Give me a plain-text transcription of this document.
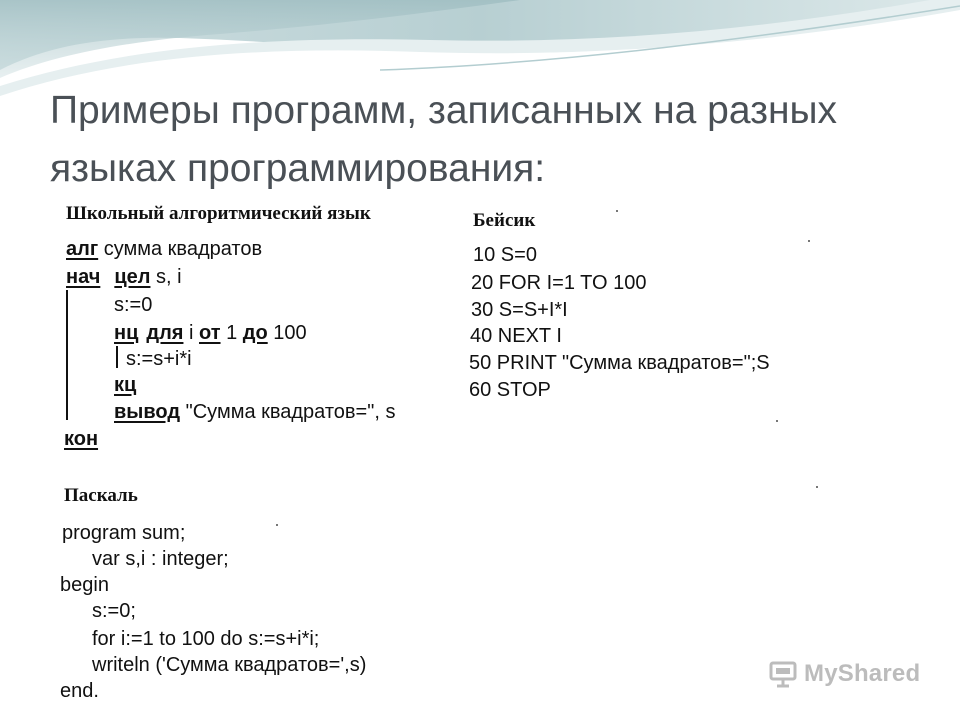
Примеры программ, записанных на разных языках программирования:
Школьный алгоритмический язык
алг сумма квадратов
нач цел s, i
s:=0
нц для i от 1 до 100
s:=s+i*i
кц
вывод "Сумма квадратов=", s
кон
Бейсик
10 S=0
20 FOR I=1 TO 100
30 S=S+I*I
40 NEXT I
50 PRINT "Сумма квадратов=";S
60 STOP
Паскаль
program sum;
var s,i : integer;
begin
s:=0;
for i:=1 to 100 do s:=s+i*i;
writeln ('Сумма квадратов=',s)
end.
MyShared
